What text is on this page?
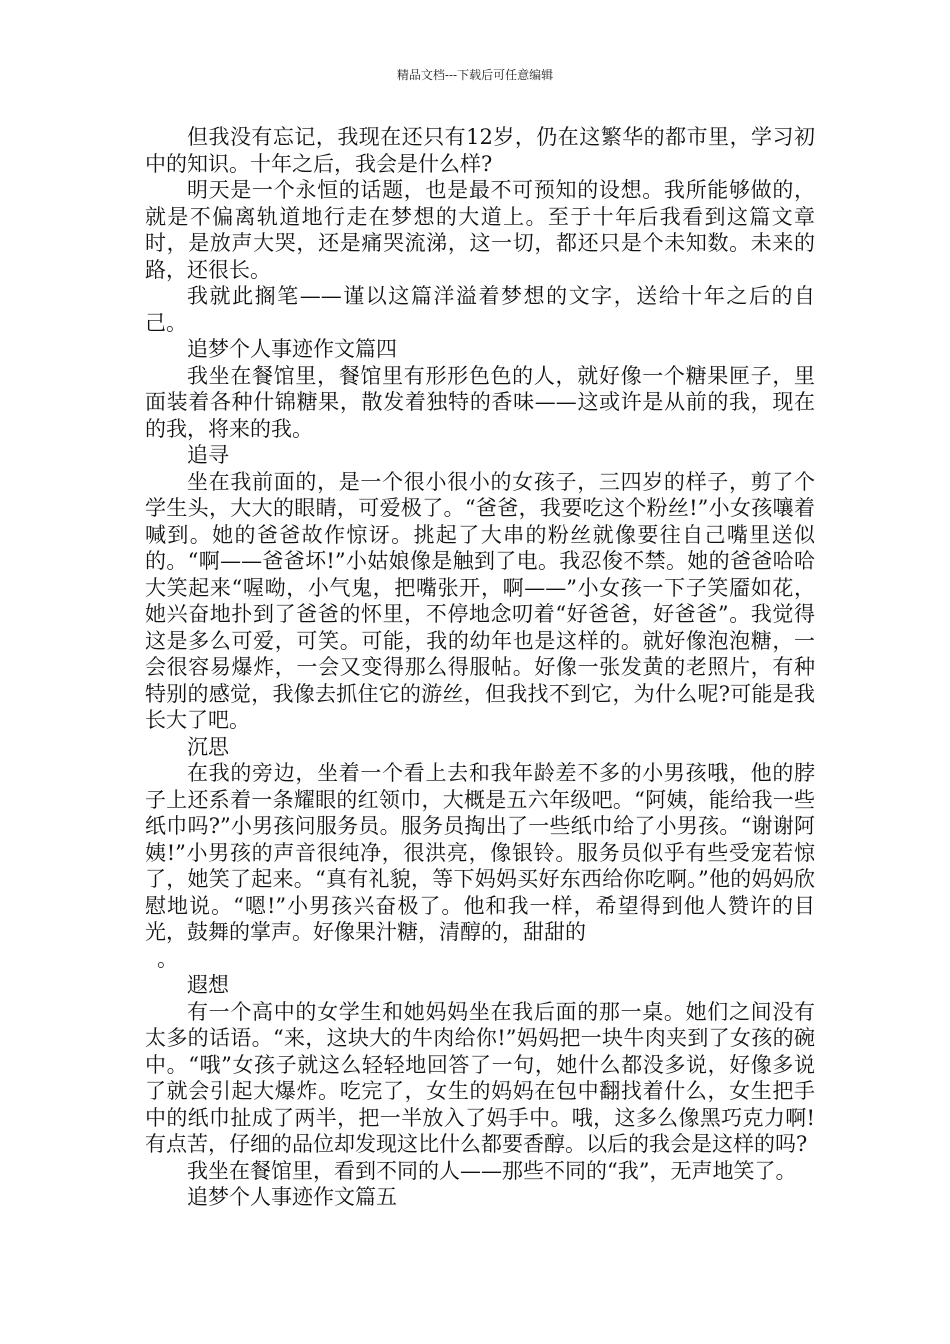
精品文档---下载后可任意编辑

但我没有忘记，我现在还只有12岁，仍在这繁华的都市里，学习初中的知识。十年之后，我会是什么样?

明天是一个永恒的话题，也是最不可预知的设想。我所能够做的，就是不偏离轨道地行走在梦想的大道上。至于十年后我看到这篇文章时，是放声大哭，还是痛哭流涕，这一切，都还只是个未知数。未来的路，还很长。

我就此搁笔——谨以这篇洋溢着梦想的文字，送给十年之后的自己。

追梦个人事迹作文篇四

我坐在餐馆里，餐馆里有形形色色的人，就好像一个糖果匣子，里面装着各种什锦糖果，散发着独特的香味——这或许是从前的我，现在的我，将来的我。

追寻

坐在我前面的，是一个很小很小的女孩子，三四岁的样子，剪了个学生头，大大的眼睛，可爱极了。“爸爸，我要吃这个粉丝!”小女孩嚷着喊到。她的爸爸故作惊讶。挑起了大串的粉丝就像要往自己嘴里送似的。“啊——爸爸坏!”小姑娘像是触到了电。我忍俊不禁。她的爸爸哈哈大笑起来“喔呦，小气鬼，把嘴张开，啊——”小女孩一下子笑靥如花，她兴奋地扑到了爸爸的怀里，不停地念叨着“好爸爸，好爸爸”。我觉得这是多么可爱，可笑。可能，我的幼年也是这样的。就好像泡泡糖，一会很容易爆炸，一会又变得那么得服帖。好像一张发黄的老照片，有种特别的感觉，我像去抓住它的游丝，但我找不到它，为什么呢?可能是我长大了吧。

沉思

在我的旁边，坐着一个看上去和我年龄差不多的小男孩哦，他的脖子上还系着一条耀眼的红领巾，大概是五六年级吧。“阿姨，能给我一些纸巾吗?”小男孩问服务员。服务员掏出了一些纸巾给了小男孩。“谢谢阿姨!”小男孩的声音很纯净，很洪亮，像银铃。服务员似乎有些受宠若惊了，她笑了起来。“真有礼貌，等下妈妈买好东西给你吃啊。”他的妈妈欣慰地说。“嗯!”小男孩兴奋极了。他和我一样，希望得到他人赞许的目光，鼓舞的掌声。好像果汁糖，清醇的，甜甜的

。

遐想

有一个高中的女学生和她妈妈坐在我后面的那一桌。她们之间没有太多的话语。“来，这块大的牛肉给你!”妈妈把一块牛肉夹到了女孩的碗中。“哦”女孩子就这么轻轻地回答了一句，她什么都没多说，好像多说了就会引起大爆炸。吃完了，女生的妈妈在包中翻找着什么，女生把手中的纸巾扯成了两半，把一半放入了妈手中。哦，这多么像黑巧克力啊!有点苦，仔细的品位却发现这比什么都要香醇。以后的我会是这样的吗?

我坐在餐馆里，看到不同的人——那些不同的“我”，无声地笑了。

追梦个人事迹作文篇五
